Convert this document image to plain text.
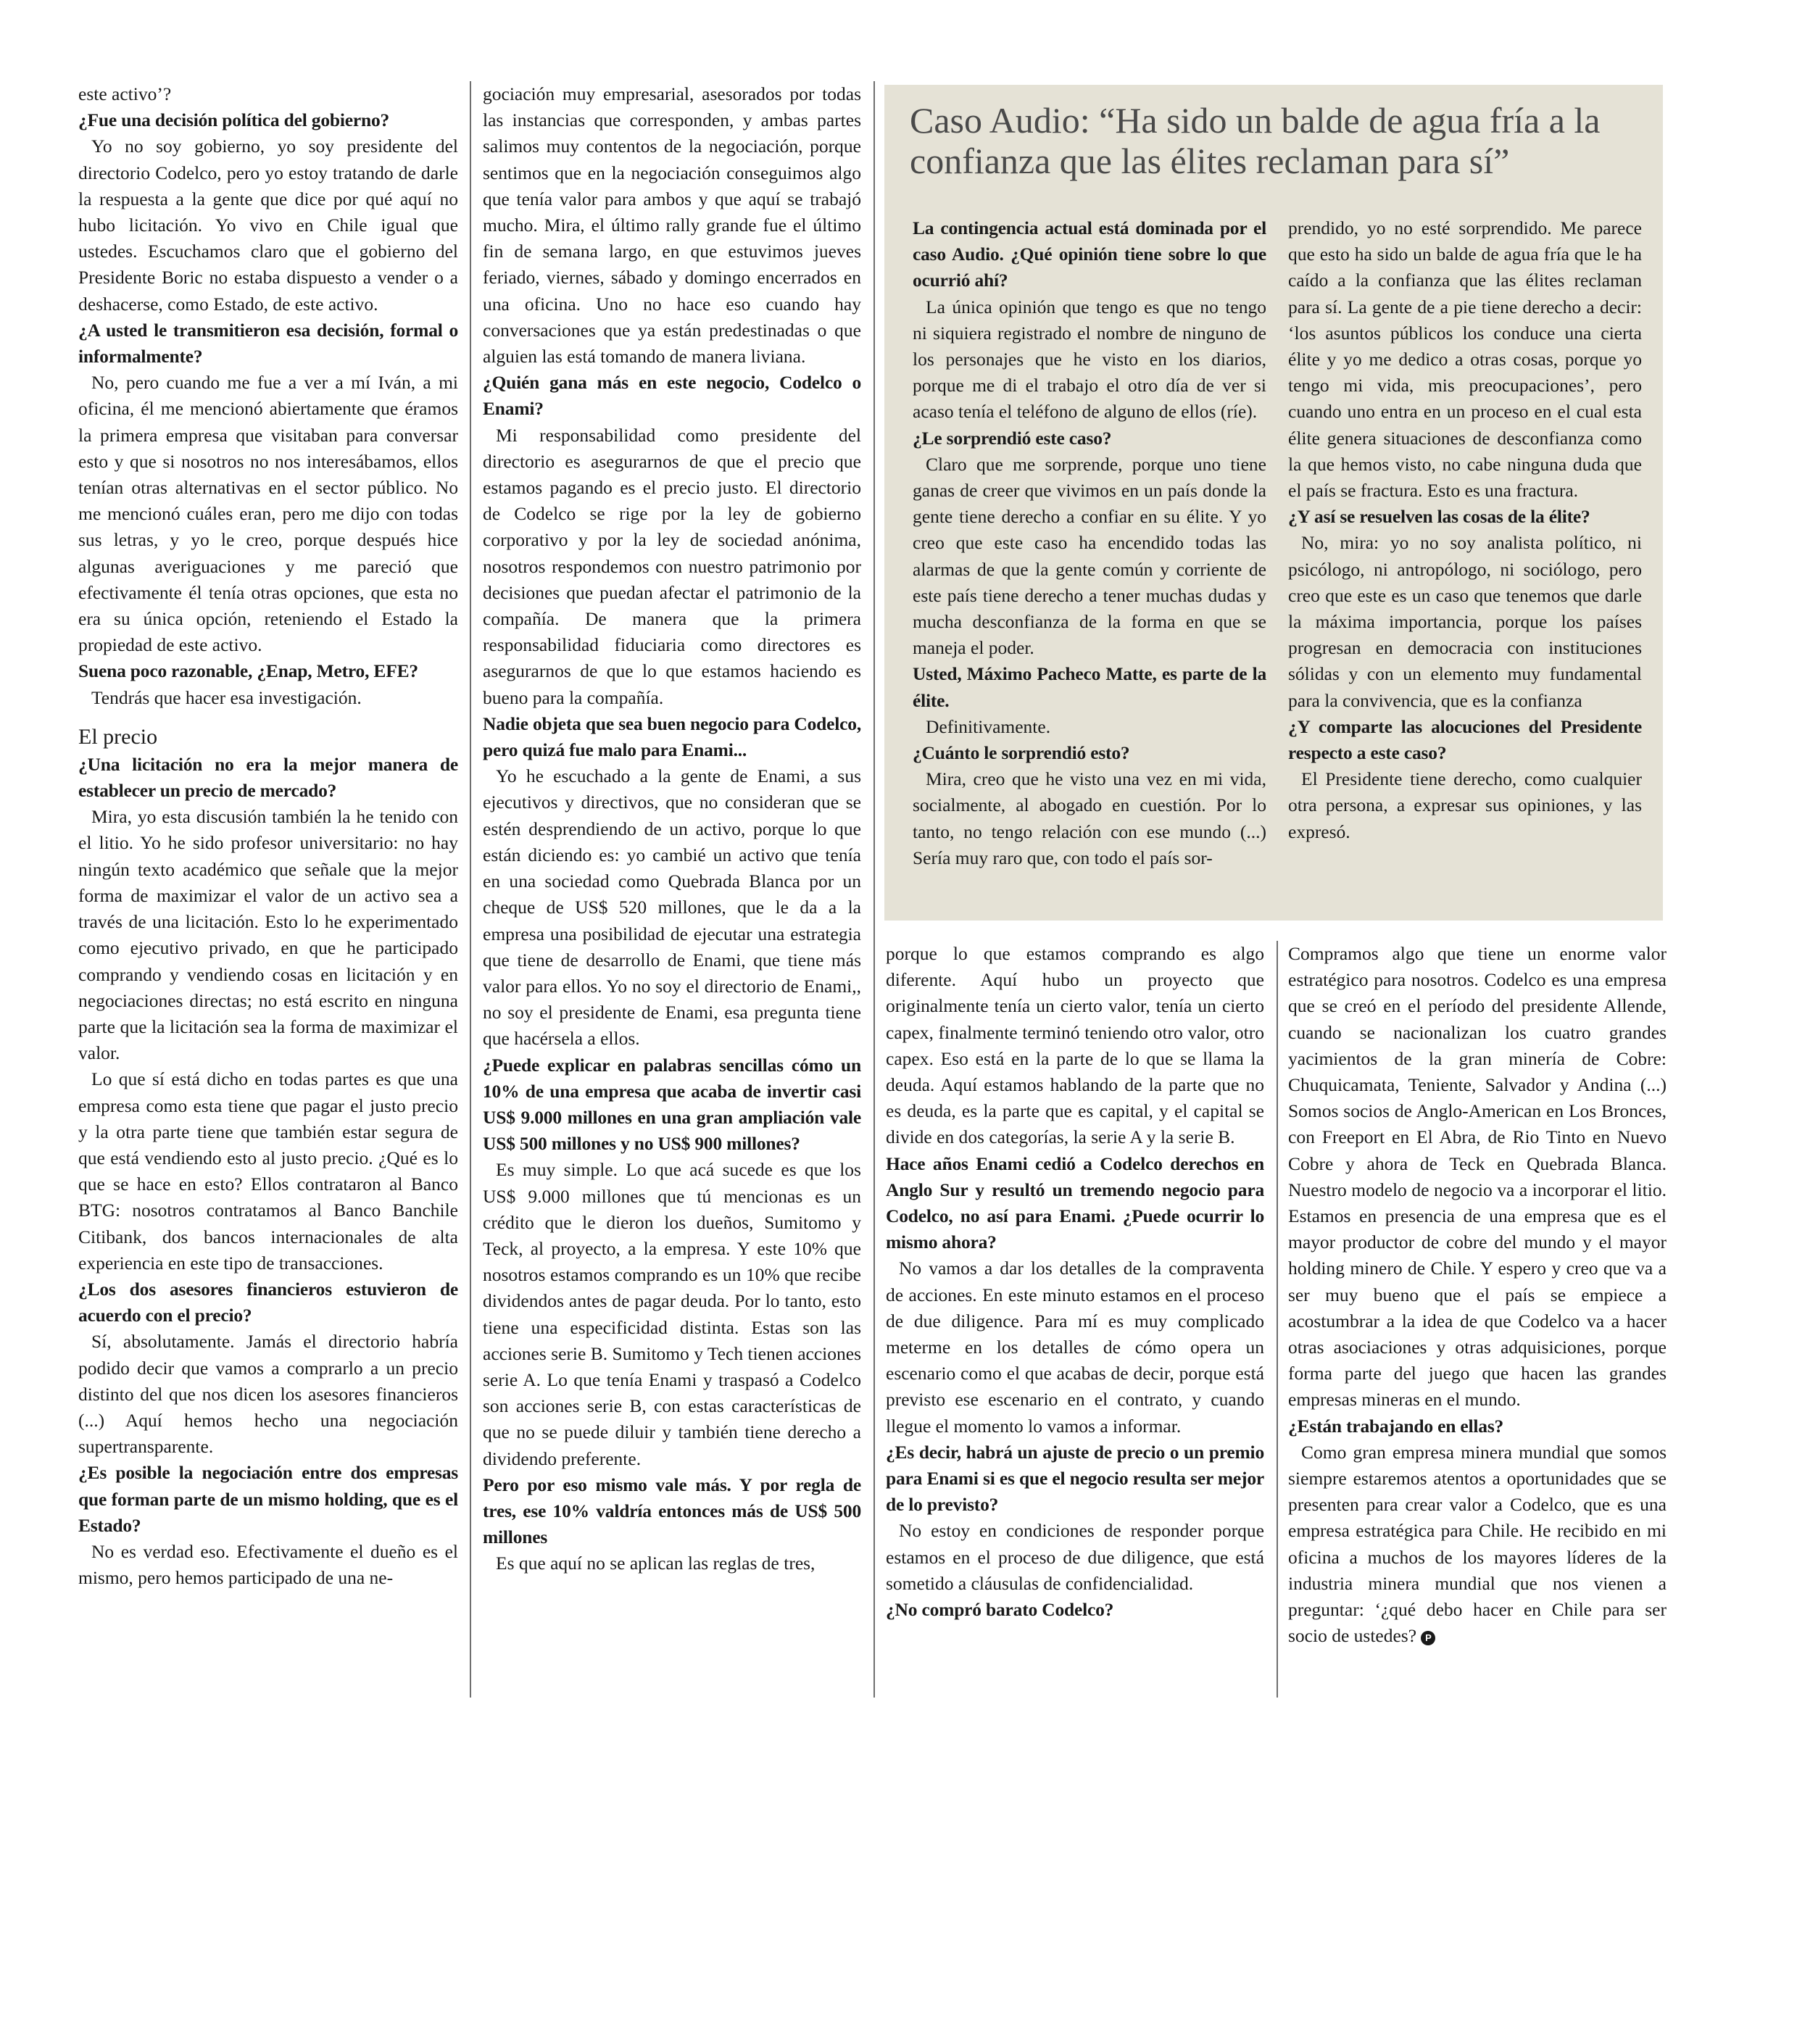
este activo’?

¿Fue una decisión política del gobierno?

Yo no soy gobierno, yo soy presidente del directorio Codelco, pero yo estoy tratando de darle la respuesta a la gente que dice por qué aquí no hubo licitación. Yo vivo en Chile igual que ustedes. Escuchamos claro que el gobierno del Presidente Boric no estaba dispuesto a vender o a deshacerse, como Estado, de este activo.

¿A usted le transmitieron esa decisión, formal o informalmente?

No, pero cuando me fue a ver a mí Iván, a mi oficina, él me mencionó abiertamente que éramos la primera empresa que visitaban para conversar esto y que si nosotros no nos interesábamos, ellos tenían otras alternativas en el sector público. No me mencionó cuáles eran, pero me dijo con todas sus letras, y yo le creo, porque después hice algunas averiguaciones y me pareció que efectivamente él tenía otras opciones, que esta no era su única opción, reteniendo el Estado la propiedad de este activo.

Suena poco razonable, ¿Enap, Metro, EFE?

Tendrás que hacer esa investigación.

El precio

¿Una licitación no era la mejor manera de establecer un precio de mercado?

Mira, yo esta discusión también la he tenido con el litio. Yo he sido profesor universitario: no hay ningún texto académico que señale que la mejor forma de maximizar el valor de un activo sea a través de una licitación. Esto lo he experimentado como ejecutivo privado, en que he participado comprando y vendiendo cosas en licitación y en negociaciones directas; no está escrito en ninguna parte que la licitación sea la forma de maximizar el valor.

Lo que sí está dicho en todas partes es que una empresa como esta tiene que pagar el justo precio y la otra parte tiene que también estar segura de que está vendiendo esto al justo precio. ¿Qué es lo que se hace en esto? Ellos contrataron al Banco BTG: nosotros contratamos al Banco Banchile Citibank, dos bancos internacionales de alta experiencia en este tipo de transacciones.

¿Los dos asesores financieros estuvieron de acuerdo con el precio?

Sí, absolutamente. Jamás el directorio habría podido decir que vamos a comprarlo a un precio distinto del que nos dicen los asesores financieros (...) Aquí hemos hecho una negociación supertransparente.

¿Es posible la negociación entre dos empresas que forman parte de un mismo holding, que es el Estado?

No es verdad eso. Efectivamente el dueño es el mismo, pero hemos participado de una ne-

gociación muy empresarial, asesorados por todas las instancias que corresponden, y ambas partes salimos muy contentos de la negociación, porque sentimos que en la negociación conseguimos algo que tenía valor para ambos y que aquí se trabajó mucho. Mira, el último rally grande fue el último fin de semana largo, en que estuvimos jueves feriado, viernes, sábado y domingo encerrados en una oficina. Uno no hace eso cuando hay conversaciones que ya están predestinadas o que alguien las está tomando de manera liviana.

¿Quién gana más en este negocio, Codelco o Enami?

Mi responsabilidad como presidente del directorio es asegurarnos de que el precio que estamos pagando es el precio justo. El directorio de Codelco se rige por la ley de gobierno corporativo y por la ley de sociedad anónima, nosotros respondemos con nuestro patrimonio por decisiones que puedan afectar el patrimonio de la compañía. De manera que la primera responsabilidad fiduciaria como directores es asegurarnos de que lo que estamos haciendo es bueno para la compañía.

Nadie objeta que sea buen negocio para Codelco, pero quizá fue malo para Enami...

Yo he escuchado a la gente de Enami, a sus ejecutivos y directivos, que no consideran que se estén desprendiendo de un activo, porque lo que están diciendo es: yo cambié un activo que tenía en una sociedad como Quebrada Blanca por un cheque de US$ 520 millones, que le da a la empresa una posibilidad de ejecutar una estrategia que tiene de desarrollo de Enami, que tiene más valor para ellos. Yo no soy el directorio de Enami,, no soy el presidente de Enami, esa pregunta tiene que hacérsela a ellos.

¿Puede explicar en palabras sencillas cómo un 10% de una empresa que acaba de invertir casi US$ 9.000 millones en una gran ampliación vale US$ 500 millones y no US$ 900 millones?

Es muy simple. Lo que acá sucede es que los US$ 9.000 millones que tú mencionas es un crédito que le dieron los dueños, Sumitomo y Teck, al proyecto, a la empresa. Y este 10% que nosotros estamos comprando es un 10% que recibe dividendos antes de pagar deuda. Por lo tanto, esto tiene una especificidad distinta. Estas son las acciones serie B. Sumitomo y Tech tienen acciones serie A. Lo que tenía Enami y traspasó a Codelco son acciones serie B, con estas características de que no se puede diluir y también tiene derecho a dividendo preferente.

Pero por eso mismo vale más. Y por regla de tres, ese 10% valdría entonces más de US$ 500 millones

Es que aquí no se aplican las reglas de tres,

Caso Audio: “Ha sido un balde de agua fría a la confianza que las élites reclaman para sí”

La contingencia actual está dominada por el caso Audio. ¿Qué opinión tiene sobre lo que ocurrió ahí?

La única opinión que tengo es que no tengo ni siquiera registrado el nombre de ninguno de los personajes que he visto en los diarios, porque me di el trabajo el otro día de ver si acaso tenía el teléfono de alguno de ellos (ríe).

¿Le sorprendió este caso?

Claro que me sorprende, porque uno tiene ganas de creer que vivimos en un país donde la gente tiene derecho a confiar en su élite. Y yo creo que este caso ha encendido todas las alarmas de que la gente común y corriente de este país tiene derecho a tener muchas dudas y mucha desconfianza de la forma en que se maneja el poder.

Usted, Máximo Pacheco Matte, es parte de la élite.

Definitivamente.

¿Cuánto le sorprendió esto?

Mira, creo que he visto una vez en mi vida, socialmente, al abogado en cuestión. Por lo tanto, no tengo relación con ese mundo (...) Sería muy raro que, con todo el país sor-

prendido, yo no esté sorprendido. Me parece que esto ha sido un balde de agua fría que le ha caído a la confianza que las élites reclaman para sí. La gente de a pie tiene derecho a decir: ‘los asuntos públicos los conduce una cierta élite y yo me dedico a otras cosas, porque yo tengo mi vida, mis preocupaciones’, pero cuando uno entra en un proceso en el cual esta élite genera situaciones de desconfianza como la que hemos visto, no cabe ninguna duda que el país se fractura. Esto es una fractura.

¿Y así se resuelven las cosas de la élite?

No, mira: yo no soy analista político, ni psicólogo, ni antropólogo, ni sociólogo, pero creo que este es un caso que tenemos que darle la máxima importancia, porque los países progresan en democracia con instituciones sólidas y con un elemento muy fundamental para la convivencia, que es la confianza

¿Y comparte las alocuciones del Presidente respecto a este caso?

El Presidente tiene derecho, como cualquier otra persona, a expresar sus opiniones, y las expresó.

porque lo que estamos comprando es algo diferente. Aquí hubo un proyecto que originalmente tenía un cierto valor, tenía un cierto capex, finalmente terminó teniendo otro valor, otro capex. Eso está en la parte de lo que se llama la deuda. Aquí estamos hablando de la parte que no es deuda, es la parte que es capital, y el capital se divide en dos categorías, la serie A y la serie B.

Hace años Enami cedió a Codelco derechos en Anglo Sur y resultó un tremendo negocio para Codelco, no así para Enami. ¿Puede ocurrir lo mismo ahora?

No vamos a dar los detalles de la compraventa de acciones. En este minuto estamos en el proceso de due diligence. Para mí es muy complicado meterme en los detalles de cómo opera un escenario como el que acabas de decir, porque está previsto ese escenario en el contrato, y cuando llegue el momento lo vamos a informar.

¿Es decir, habrá un ajuste de precio o un premio para Enami si es que el negocio resulta ser mejor de lo previsto?

No estoy en condiciones de responder porque estamos en el proceso de due diligence, que está sometido a cláusulas de confidencialidad.

¿No compró barato Codelco?

Compramos algo que tiene un enorme valor estratégico para nosotros. Codelco es una empresa que se creó en el período del presidente Allende, cuando se nacionalizan los cuatro grandes yacimientos de la gran minería de Cobre: Chuquicamata, Teniente, Salvador y Andina (...) Somos socios de Anglo-American en Los Bronces, con Freeport en El Abra, de Rio Tinto en Nuevo Cobre y ahora de Teck en Quebrada Blanca. Nuestro modelo de negocio va a incorporar el litio. Estamos en presencia de una empresa que es el mayor productor de cobre del mundo y el mayor holding minero de Chile. Y espero y creo que va a ser muy bueno que el país se empiece a acostumbrar a la idea de que Codelco va a hacer otras asociaciones y otras adquisiciones, porque forma parte del juego que hacen las grandes empresas mineras en el mundo.

¿Están trabajando en ellas?

Como gran empresa minera mundial que somos siempre estaremos atentos a oportunidades que se presenten para crear valor a Codelco, que es una empresa estratégica para Chile. He recibido en mi oficina a muchos de los mayores líderes de la industria minera mundial que nos vienen a preguntar: ‘¿qué debo hacer en Chile para ser socio de ustedes? P
